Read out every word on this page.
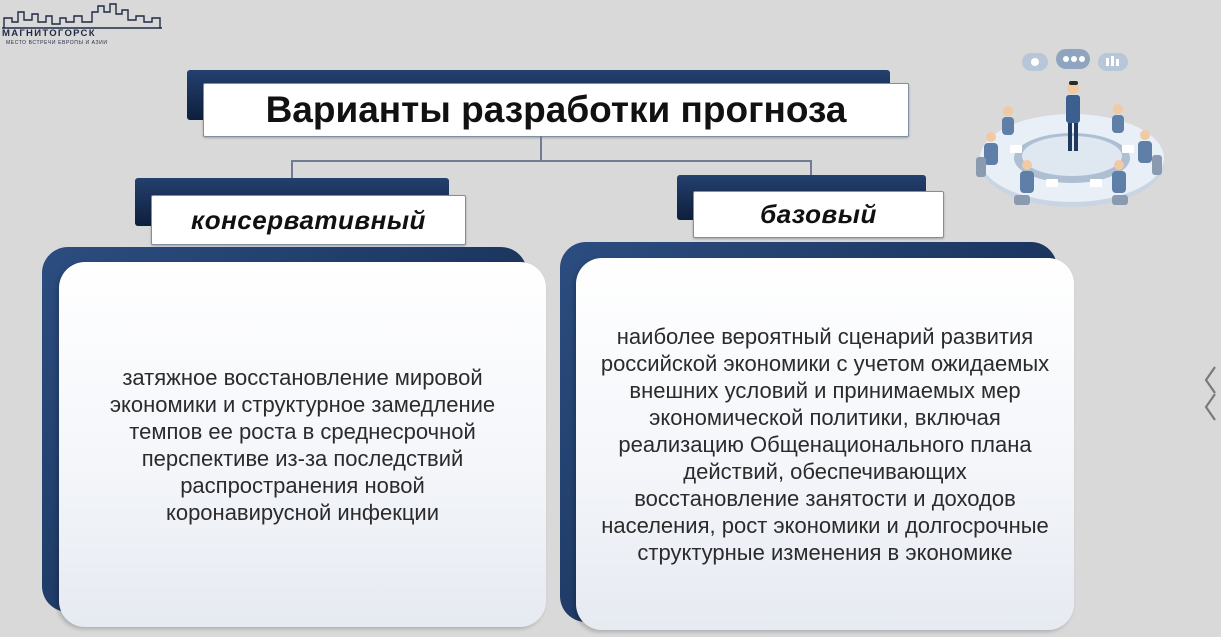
МАГНИТОГОРСК
МЕСТО ВСТРЕЧИ ЕВРОПЫ И АЗИИ
Варианты разработки прогноза
консервативный	базовый
затяжное восстановление мировой экономики и структурное замедление темпов ее роста в среднесрочной перспективе из-за последствий распространения новой коронавирусной инфекции
наиболее вероятный сценарий развития российской экономики с учетом ожидаемых внешних условий и принимаемых мер экономической политики, включая реализацию Общенационального плана действий, обеспечивающих восстановление занятости и доходов населения, рост экономики и долгосрочные структурные изменения в экономике
